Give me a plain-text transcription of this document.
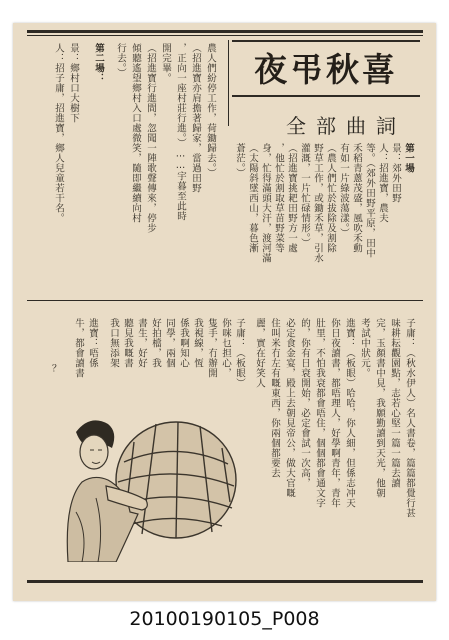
夜弔秋喜
全部曲詞
第一場
景：郊外田野
人：招進寶，農夫
等。（郊外田野平原，田中
禾稻青蔥茂盛，風吹禾動
有如一片綠波蕩漾。）
（農人們忙於拔除及割除
野草工作，或鋤禾草，引水
灌溉，一片忙碌情形。）
（招進寶挑耙田野方一處
，他忙於割取草苗野菜等
身，忙得滿頭大汗，渡河滿
（太陽斜墜西山，暮色漸
蒼茫。）
農人們紛停工作，荷鋤歸去。）
（招進寶亦肩擔著歸家，當過田野
，正向一座村莊行進。）……宇暮至此時
開完畢。
（招進寶行進間，忽聞一陣歌聲傳來，停步
傾聽遙望鄉村入口處微笑，隨即繼續向村
行去。）
第二場：
景：鄉村口大樹下
人：招子庸，招進寶，鄉人兒童若干名。
子庸：（秋水伊人）名人書卷，篇篇都覺行甚
味耕耘觀園點，志若心堅一篇一篇去讀
完，玉顏書中見，我願勤讀到天光，他朝
考試中狀元。
進寶：（板眼）哈哈，你人細，但係志冲天
你日夜讀書，都唔理人，好學啊青年，青年
肚里，不怕我衰都會唔住，個個都會通文字
的，你有日衰開始，必定會試一次高，
必定食金宴，殿上去朝見帝公，做大官嘅
住叫米冇左有嘅東西，你兩個都要去
麗，實在好笑人
子庸：（板眼）
你咪乜担心，
隻手，冇辦開
我視線，恆
係我啊知心
同學，兩個
好拍檔，我
書生，好好
聽見我嘅書
我口無添架
進寶：唔係
牛，都會讀書
？
20100190105_P008
